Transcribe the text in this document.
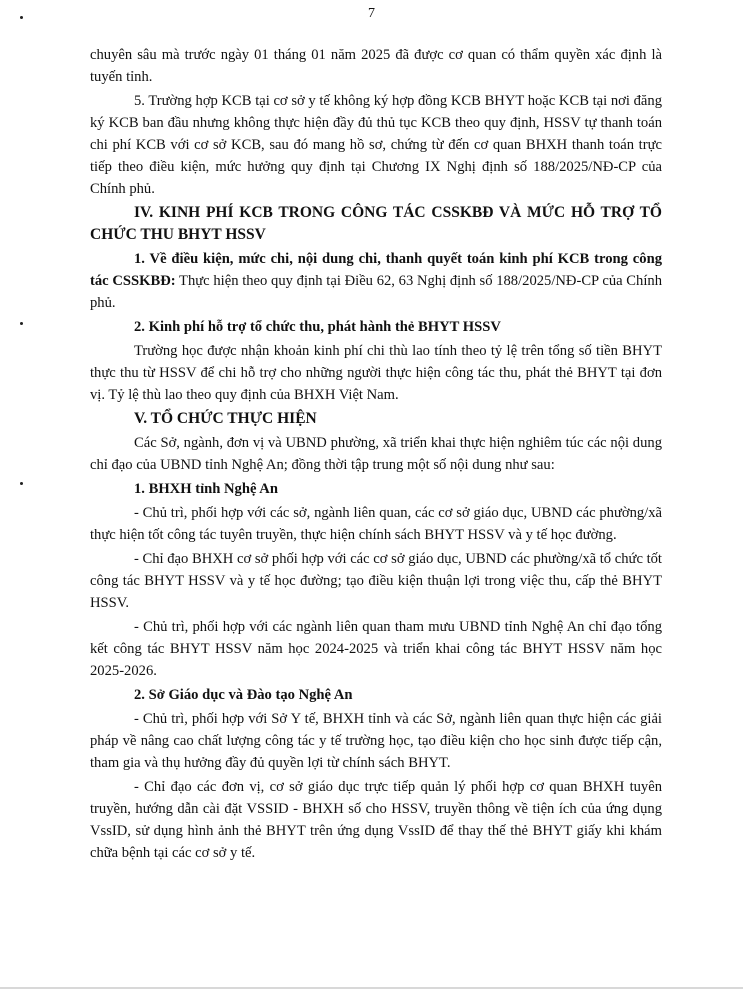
7

chuyên sâu mà trước ngày 01 tháng 01 năm 2025 đã được cơ quan có thẩm quyền xác định là tuyến tỉnh.

5. Trường hợp KCB tại cơ sở y tế không ký hợp đồng KCB BHYT hoặc KCB tại nơi đăng ký KCB ban đầu nhưng không thực hiện đầy đủ thủ tục KCB theo quy định, HSSV tự thanh toán chi phí KCB với cơ sở KCB, sau đó mang hồ sơ, chứng từ đến cơ quan BHXH thanh toán trực tiếp theo điều kiện, mức hưởng quy định tại Chương IX Nghị định số 188/2025/NĐ-CP của Chính phủ.

IV. KINH PHÍ KCB TRONG CÔNG TÁC CSSKBĐ VÀ MỨC HỖ TRỢ TỔ CHỨC THU BHYT HSSV

1. Về điều kiện, mức chi, nội dung chi, thanh quyết toán kinh phí KCB trong công tác CSSKBĐ: Thực hiện theo quy định tại Điều 62, 63 Nghị định số 188/2025/NĐ-CP của Chính phủ.

2. Kinh phí hỗ trợ tổ chức thu, phát hành thẻ BHYT HSSV

Trường học được nhận khoản kinh phí chi thù lao tính theo tỷ lệ trên tổng số tiền BHYT thực thu từ HSSV để chi hỗ trợ cho những người thực hiện công tác thu, phát thẻ BHYT tại đơn vị. Tỷ lệ thù lao theo quy định của BHXH Việt Nam.

V. TỔ CHỨC THỰC HIỆN

Các Sở, ngành, đơn vị và UBND phường, xã triển khai thực hiện nghiêm túc các nội dung chỉ đạo của UBND tỉnh Nghệ An; đồng thời tập trung một số nội dung như sau:

1. BHXH tỉnh Nghệ An

- Chủ trì, phối hợp với các sở, ngành liên quan, các cơ sở giáo dục, UBND các phường/xã thực hiện tốt công tác tuyên truyền, thực hiện chính sách BHYT HSSV và y tế học đường.

- Chỉ đạo BHXH cơ sở phối hợp với các cơ sở giáo dục, UBND các phường/xã tổ chức tốt công tác BHYT HSSV và y tế học đường; tạo điều kiện thuận lợi trong việc thu, cấp thẻ BHYT HSSV.

- Chủ trì, phối hợp với các ngành liên quan tham mưu UBND tỉnh Nghệ An chỉ đạo tổng kết công tác BHYT HSSV năm học 2024-2025 và triển khai công tác BHYT HSSV năm học 2025-2026.

2. Sở Giáo dục và Đào tạo Nghệ An

- Chủ trì, phối hợp với Sở Y tế, BHXH tỉnh và các Sở, ngành liên quan thực hiện các giải pháp về nâng cao chất lượng công tác y tế trường học, tạo điều kiện cho học sinh được tiếp cận, tham gia và thụ hưởng đầy đủ quyền lợi từ chính sách BHYT.

- Chỉ đạo các đơn vị, cơ sở giáo dục trực tiếp quản lý phối hợp cơ quan BHXH tuyên truyền, hướng dẫn cài đặt VSSID - BHXH số cho HSSV, truyền thông về tiện ích của ứng dụng VssID, sử dụng hình ảnh thẻ BHYT trên ứng dụng VssID để thay thế thẻ BHYT giấy khi khám chữa bệnh tại các cơ sở y tế.
